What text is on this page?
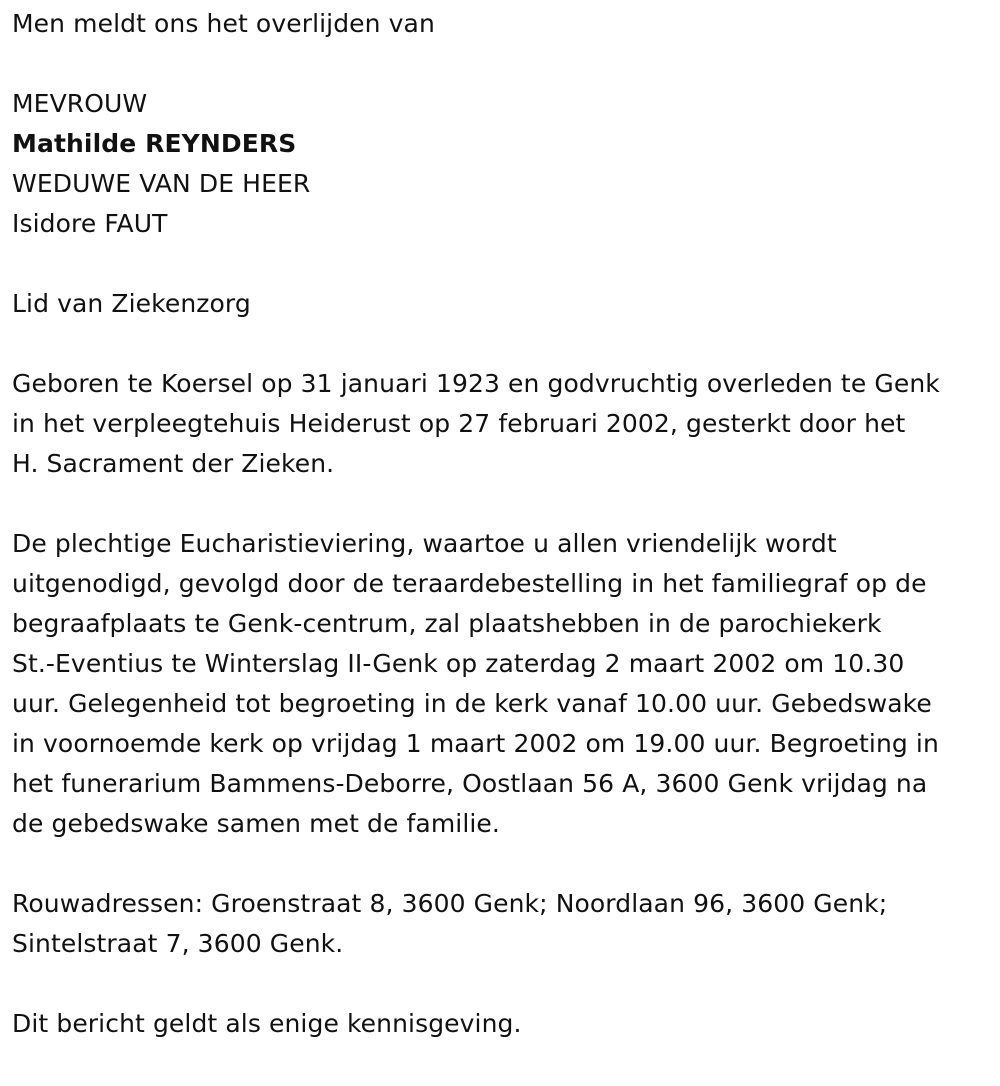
Men meldt ons het overlijden van
MEVROUW
Mathilde REYNDERS
WEDUWE VAN DE HEER
Isidore FAUT
Lid van Ziekenzorg

Geboren te Koersel op 31 januari 1923 en godvruchtig overleden te Genk
in het verpleegtehuis Heiderust op 27 februari 2002, gesterkt door het
H. Sacrament der Zieken.

De plechtige Eucharistieviering, waartoe u allen vriendelijk wordt
uitgenodigd, gevolgd door de teraardebestelling in het familiegraf op de
begraafplaats te Genk-centrum, zal plaatshebben in de parochiekerk
St.-Eventius te Winterslag II-Genk op zaterdag 2 maart 2002 om 10.30
uur. Gelegenheid tot begroeting in de kerk vanaf 10.00 uur. Gebedswake
in voornoemde kerk op vrijdag 1 maart 2002 om 19.00 uur. Begroeting in
het funerarium Bammens-Deborre, Oostlaan 56 A, 3600 Genk vrijdag na
de gebedswake samen met de familie.

Rouwadressen: Groenstraat 8, 3600 Genk; Noordlaan 96, 3600 Genk;
Sintelstraat 7, 3600 Genk.

Dit bericht geldt als enige kennisgeving.
